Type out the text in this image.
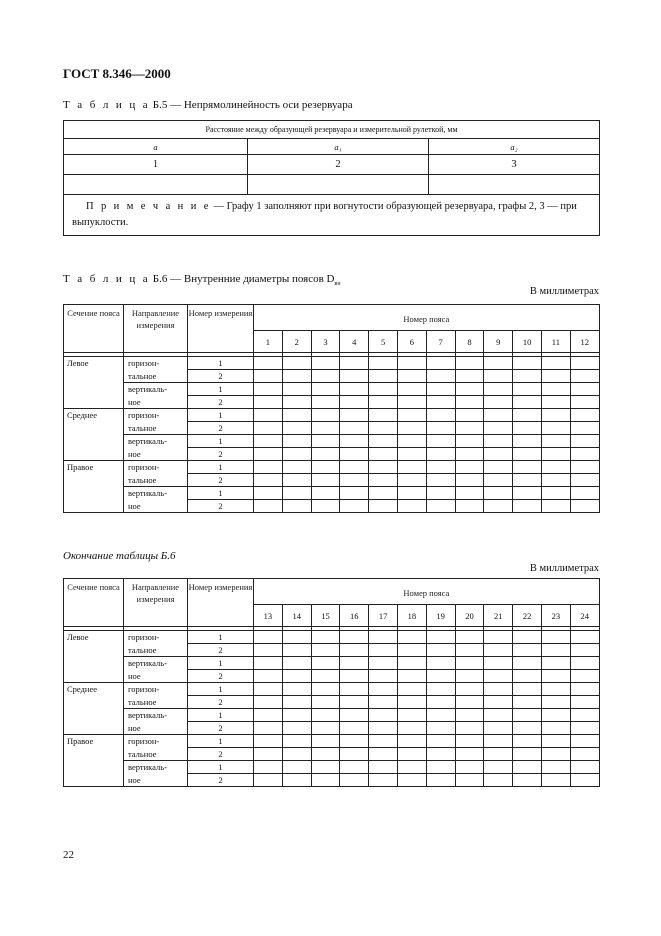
ГОСТ 8.346—2000
Т а б л и ц а Б.5 — Непрямолинейность оси резервуара
Расстояние между образующей резервуара и измерительной рулеткой, мм		
a	a₁	a₂
1	2	3

П р и м е ч а н и е — Графу 1 заполняют при вогнутости образующей резервуара, графы 2, 3 — при выпуклости.		
Т а б л и ц а Б.6 — Внутренние диаметры поясов $D_{вн}$
В миллиметрах
Сечение пояса	Направление измерения	Номер измерения	Номер пояса											
			1	2	3	4	5	6	7	8	9	10	11	12

Левое	горизон-	1												
	тальное	2												
	вертикаль-	1												
	ное	2												
Среднее	горизон-	1												
	тальное	2												
	вертикаль-	1												
	ное	2												
Правое	горизон-	1												
	тальное	2												
	вертикаль-	1												
	ное	2												
Окончание таблицы Б.6
В миллиметрах
Сечение пояса	Направление измерения	Номер измерения	Номер пояса											
			13	14	15	16	17	18	19	20	21	22	23	24

Левое	горизон-	1												
	тальное	2												
	вертикаль-	1												
	ное	2												
Среднее	горизон-	1												
	тальное	2												
	вертикаль-	1												
	ное	2												
Правое	горизон-	1												
	тальное	2												
	вертикаль-	1												
	ное	2												
22
